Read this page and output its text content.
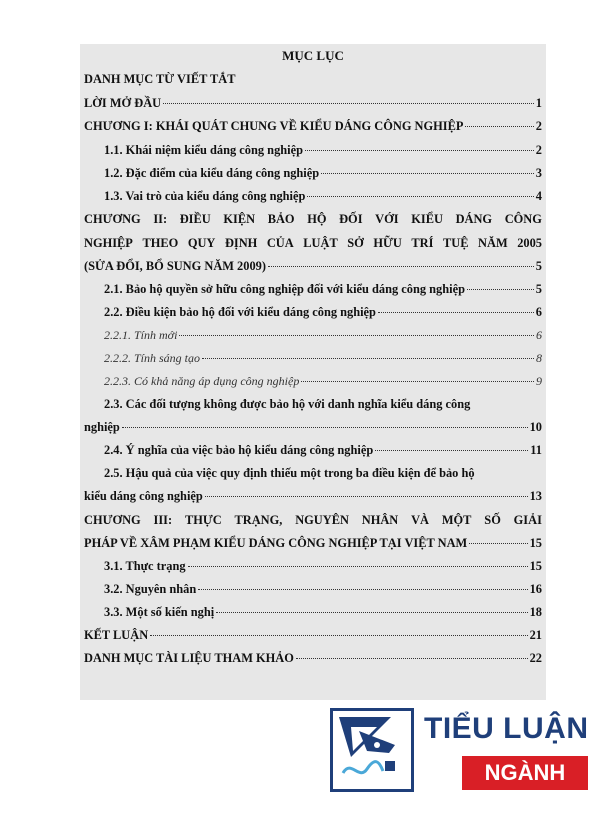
MỤC LỤC
DANH MỤC TỪ VIẾT TẮT
LỜI MỞ ĐẦU	1
CHƯƠNG I: KHÁI QUÁT CHUNG VỀ KIỂU DÁNG CÔNG NGHIỆP	2
1.1. Khái niệm kiểu dáng công nghiệp	2
1.2. Đặc điểm của kiểu dáng công nghiệp	3
1.3. Vai trò của kiểu dáng công nghiệp	4
CHƯƠNG II: ĐIỀU KIỆN BẢO HỘ ĐỐI VỚI KIỂU DÁNG CÔNG
NGHIỆP THEO QUY ĐỊNH CỦA LUẬT SỞ HỮU TRÍ TUỆ NĂM 2005
(SỬA ĐỔI, BỔ SUNG NĂM 2009)	5
2.1. Bảo hộ quyền sở hữu công nghiệp đối với kiểu dáng công nghiệp	5
2.2. Điều kiện bảo hộ đối với kiểu dáng công nghiệp	6
2.2.1. Tính mới	6
2.2.2. Tính sáng tạo	8
2.2.3. Có khả năng áp dụng công nghiệp	9
2.3. Các đối tượng không được bảo hộ với danh nghĩa kiểu dáng công
nghiệp	10
2.4. Ý nghĩa của việc bảo hộ kiểu dáng công nghiệp	11
2.5. Hậu quả của việc quy định thiếu một trong ba điều kiện để bảo hộ
kiểu dáng công nghiệp	13
CHƯƠNG III: THỰC TRẠNG, NGUYÊN NHÂN VÀ MỘT SỐ GIẢI
PHÁP VỀ XÂM PHẠM KIỂU DÁNG CÔNG NGHIỆP TẠI VIỆT NAM	15
3.1. Thực trạng	15
3.2. Nguyên nhân	16
3.3. Một số kiến nghị	18
KẾT LUẬN	21
DANH MỤC TÀI LIỆU THAM KHẢO	22
TIỂU LUẬN
NGÀNH LUẬT
